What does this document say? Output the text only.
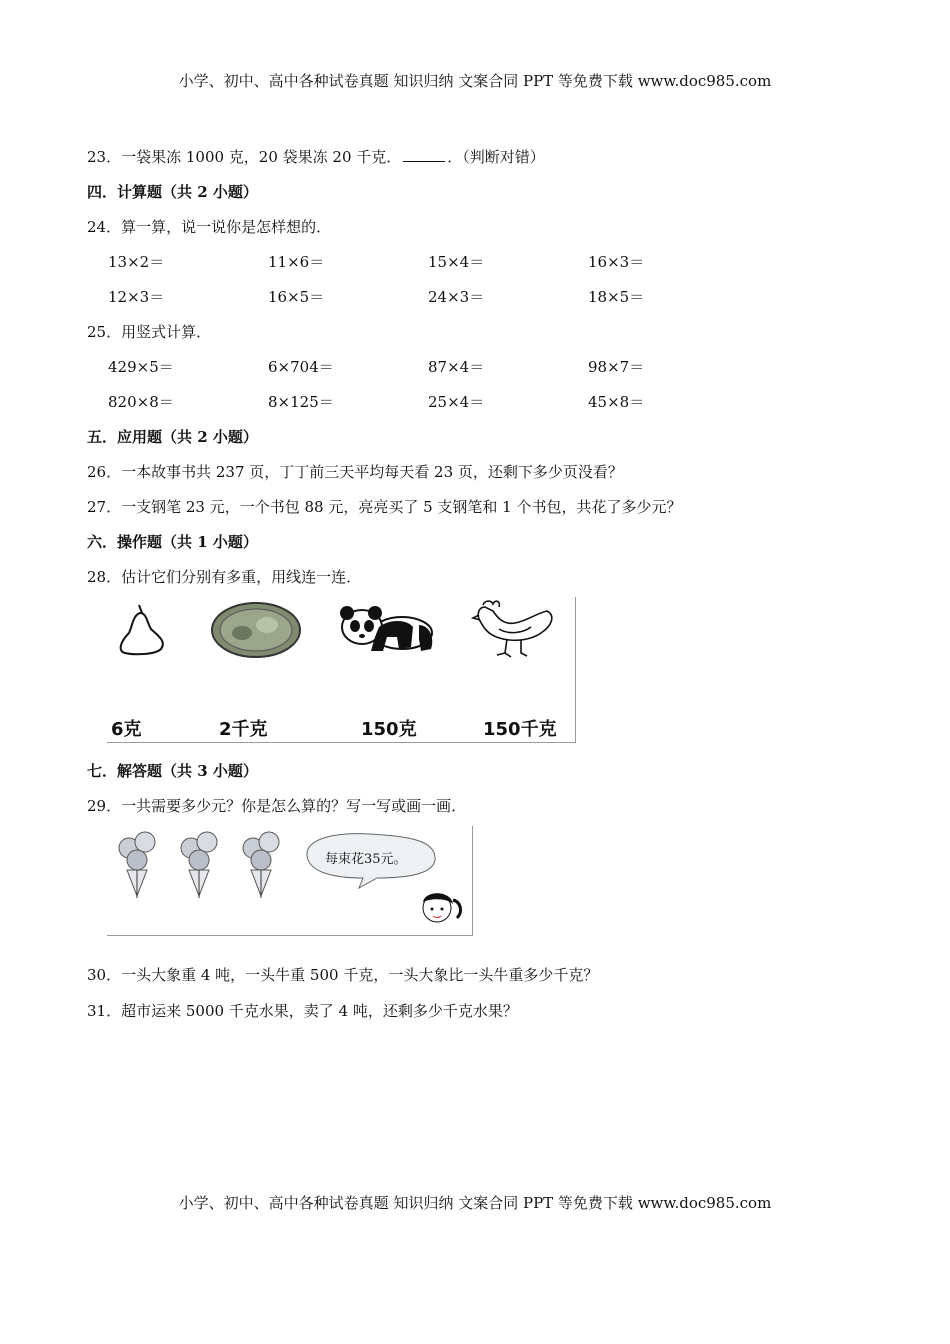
小学、初中、高中各种试卷真题 知识归纳 文案合同 PPT 等免费下载 www.doc985.com
23．一袋果冻 1000 克，20 袋果冻 20 千克．	．（判断对错）
四．计算题（共 2 小题）
24．算一算，说一说你是怎样想的．
13×2＝	11×6＝	15×4＝	16×3＝
12×3＝	16×5＝	24×3＝	18×5＝
25．用竖式计算．
429×5＝	6×704＝	87×4＝	98×7＝
820×8＝	8×125＝	25×4＝	45×8＝
五．应用题（共 2 小题）
26．一本故事书共 237 页，丁丁前三天平均每天看 23 页，还剩下多少页没看？
27．一支钢笔 23 元，一个书包 88 元，亮亮买了 5 支钢笔和 1 个书包，共花了多少元？
六．操作题（共 1 小题）
28．估计它们分别有多重，用线连一连．
6克	2千克	150克	150千克
七．解答题（共 3 小题）
29．一共需要多少元？你是怎么算的？写一写或画一画．
每束花35元。
30．一头大象重 4 吨，一头牛重 500 千克，一头大象比一头牛重多少千克？
31．超市运来 5000 千克水果，卖了 4 吨，还剩多少千克水果？
小学、初中、高中各种试卷真题 知识归纳 文案合同 PPT 等免费下载 www.doc985.com
